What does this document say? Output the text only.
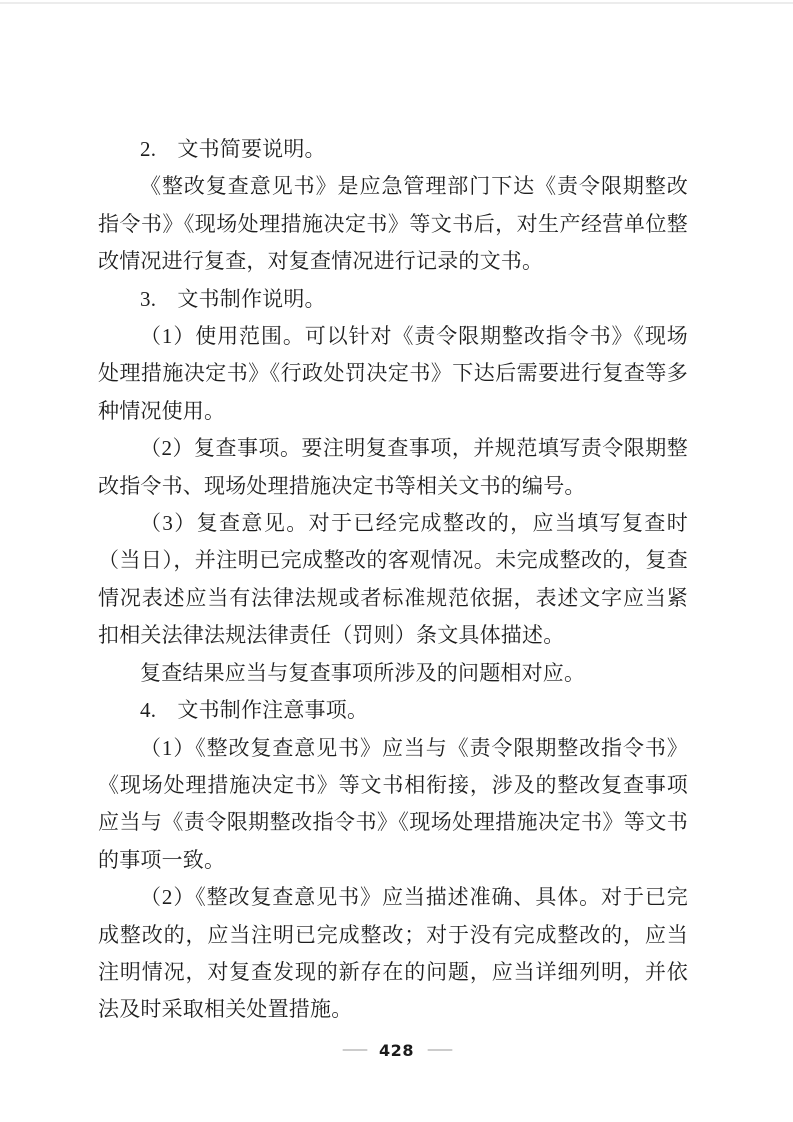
2.　文书简要说明。

《整改复查意见书》是应急管理部门下达《责令限期整改指令书》《现场处理措施决定书》等文书后，对生产经营单位整改情况进行复查，对复查情况进行记录的文书。

3.　文书制作说明。

（1）使用范围。可以针对《责令限期整改指令书》《现场处理措施决定书》《行政处罚决定书》下达后需要进行复查等多种情况使用。

（2）复查事项。要注明复查事项，并规范填写责令限期整改指令书、现场处理措施决定书等相关文书的编号。

（3）复查意见。对于已经完成整改的，应当填写复查时（当日），并注明已完成整改的客观情况。未完成整改的，复查情况表述应当有法律法规或者标准规范依据，表述文字应当紧扣相关法律法规法律责任（罚则）条文具体描述。

复查结果应当与复查事项所涉及的问题相对应。

4.　文书制作注意事项。

（1）《整改复查意见书》应当与《责令限期整改指令书》《现场处理措施决定书》等文书相衔接，涉及的整改复查事项应当与《责令限期整改指令书》《现场处理措施决定书》等文书的事项一致。

（2）《整改复查意见书》应当描述准确、具体。对于已完成整改的，应当注明已完成整改；对于没有完成整改的，应当注明情况，对复查发现的新存在的问题，应当详细列明，并依法及时采取相关处置措施。

—— 428 ——
